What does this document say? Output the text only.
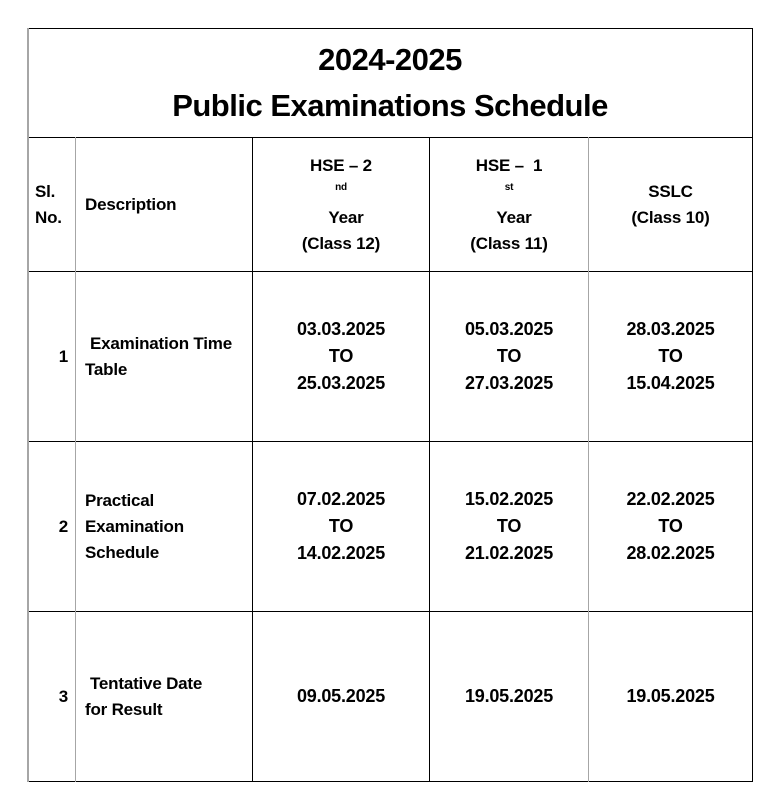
2024-2025
Public Examinations Schedule
Sl.
No.
Description
HSE – 2
$^{nd}$
Year
(Class 12)
HSE –  1
$^{st}$
Year
(Class 11)
SSLC
(Class 10)
1
Examination Time
Table
03.03.2025
TO
25.03.2025
05.03.2025
TO
27.03.2025
28.03.2025
TO
15.04.2025
2
Practical
Examination
Schedule
07.02.2025
TO
14.02.2025
15.02.2025
TO
21.02.2025
22.02.2025
TO
28.02.2025
3
Tentative Date
for Result
09.05.2025	19.05.2025	19.05.2025
